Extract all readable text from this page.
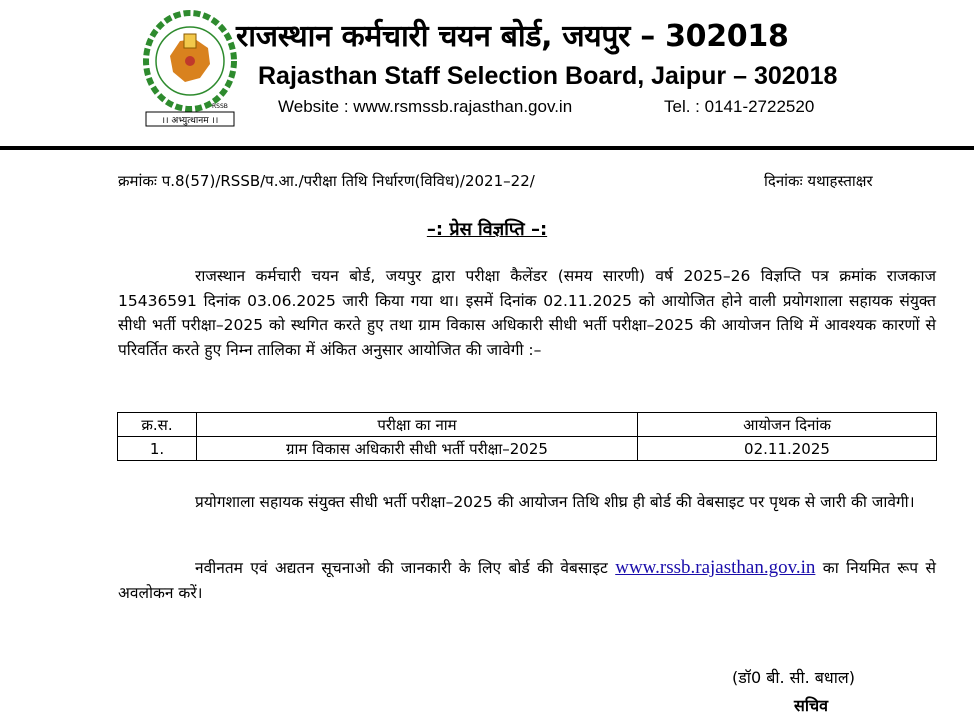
।। अभ्युत्थानम ।।
RSSB
राजस्थान कर्मचारी चयन बोर्ड, जयपुर – 302018
Rajasthan Staff Selection Board, Jaipur – 302018
Website : www.rsmssb.rajasthan.gov.in	Tel. : 0141-2722520
क्रमांकः प.8(57)/RSSB/प.आ./परीक्षा तिथि निर्धारण(विविध)/2021–22/	दिनांकः यथाहस्ताक्षर
–: प्रेस विज्ञप्ति –:
राजस्थान कर्मचारी चयन बोर्ड, जयपुर द्वारा परीक्षा कैलेंडर (समय सारणी) वर्ष 2025–26 विज्ञप्ति पत्र क्रमांक राजकाज 15436591 दिनांक 03.06.2025 जारी किया गया था। इसमें दिनांक 02.11.2025 को आयोजित होने वाली प्रयोगशाला सहायक संयुक्त सीधी भर्ती परीक्षा–2025 को स्थगित करते हुए तथा ग्राम विकास अधिकारी सीधी भर्ती परीक्षा–2025 की आयोजन तिथि में आवश्यक कारणों से परिवर्तित करते हुए निम्न तालिका में अंकित अनुसार आयोजित की जावेगी :–
क्र.स.	परीक्षा का नाम	आयोजन दिनांक
1.	ग्राम विकास अधिकारी सीधी भर्ती परीक्षा–2025	02.11.2025
प्रयोगशाला सहायक संयुक्त सीधी भर्ती परीक्षा–2025 की आयोजन तिथि शीघ्र ही बोर्ड की वेबसाइट पर पृथक से जारी की जावेगी।
नवीनतम एवं अद्यतन सूचनाओ की जानकारी के लिए बोर्ड की वेबसाइट www.rssb.rajasthan.gov.in का नियमित रूप से अवलोकन करें।
(डॉ0 बी. सी. बधाल)
सचिव
